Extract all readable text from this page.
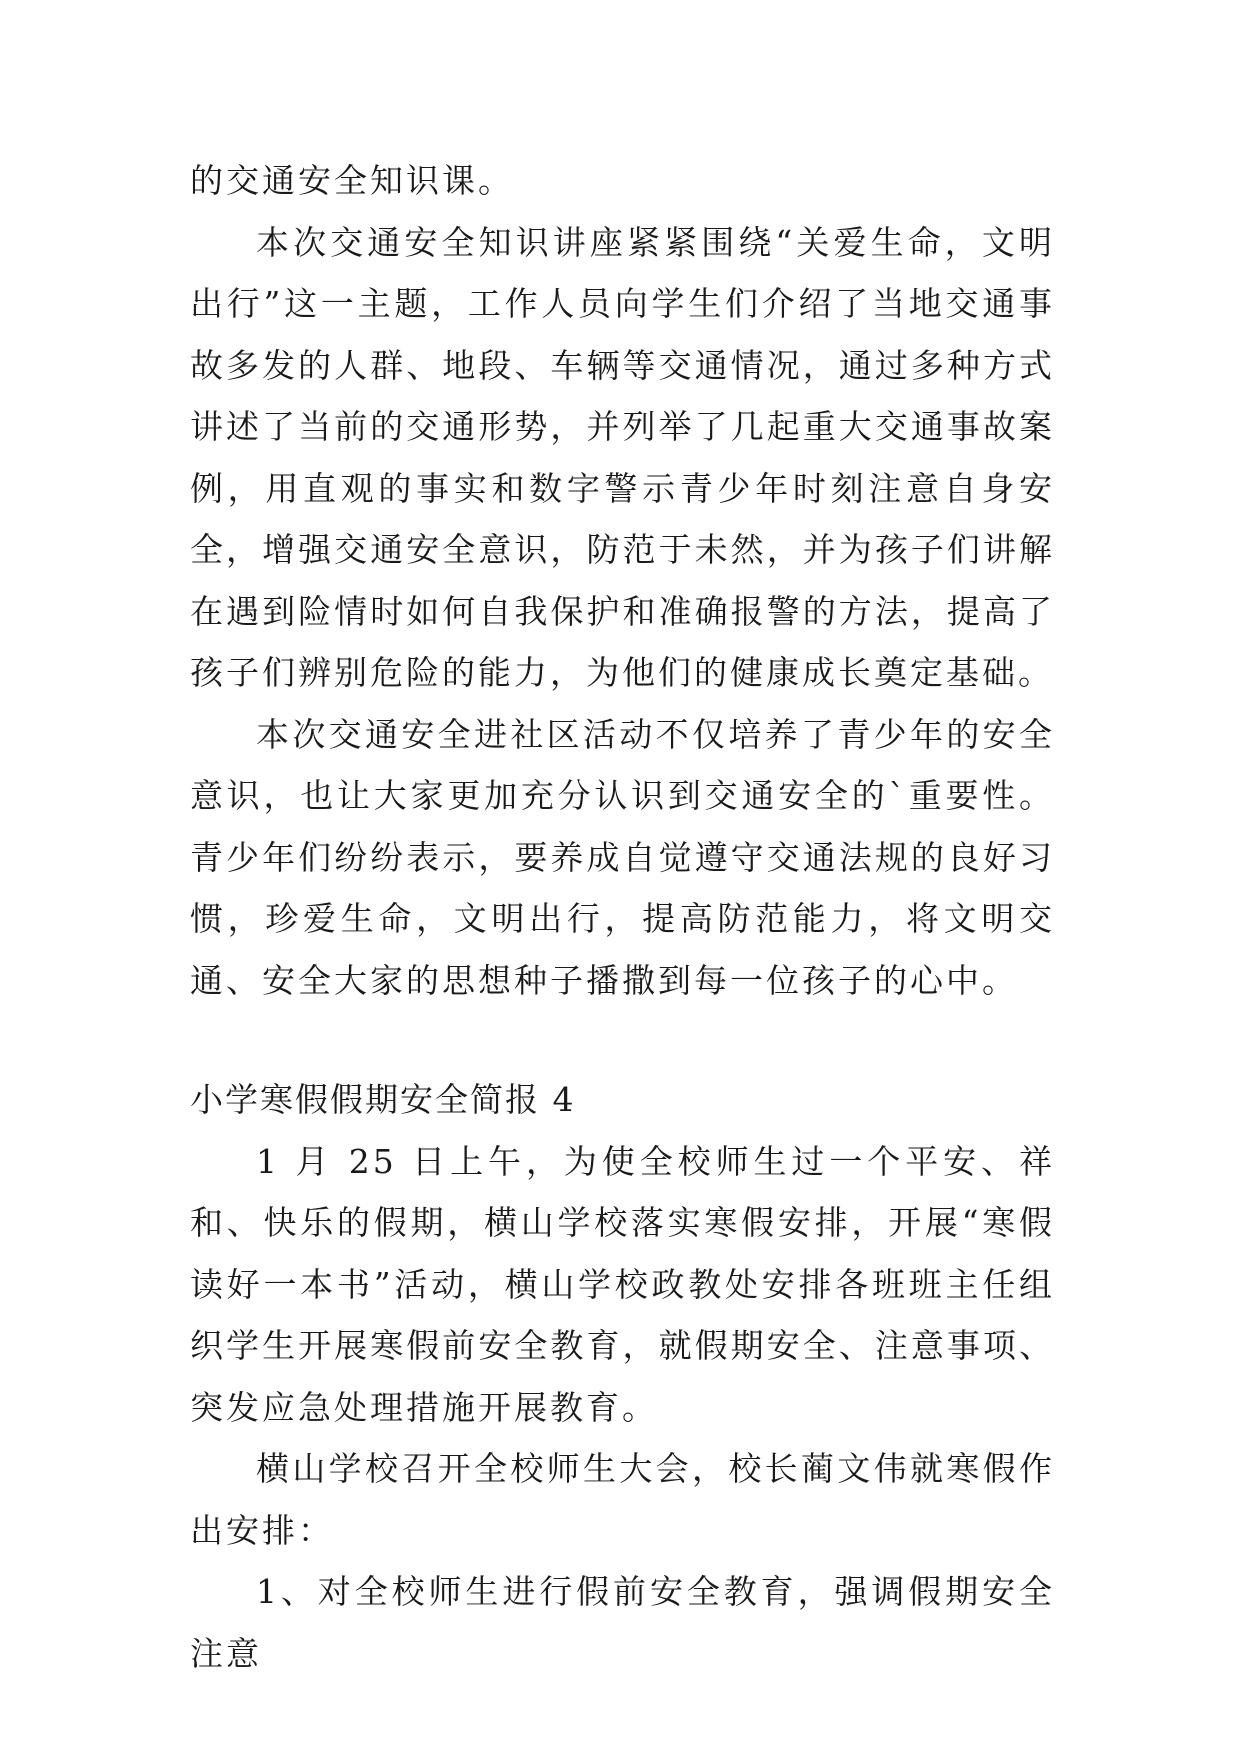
的交通安全知识课。

本次交通安全知识讲座紧紧围绕“关爱生命，文明出行”这一主题，工作人员向学生们介绍了当地交通事故多发的人群、地段、车辆等交通情况，通过多种方式讲述了当前的交通形势，并列举了几起重大交通事故案例，用直观的事实和数字警示青少年时刻注意自身安全，增强交通安全意识，防范于未然，并为孩子们讲解在遇到险情时如何自我保护和准确报警的方法，提高了孩子们辨别危险的能力，为他们的健康成长奠定基础。

本次交通安全进社区活动不仅培养了青少年的安全意识，也让大家更加充分认识到交通安全的`重要性。青少年们纷纷表示，要养成自觉遵守交通法规的良好习惯，珍爱生命，文明出行，提高防范能力，将文明交通、安全大家的思想种子播撒到每一位孩子的心中。

小学寒假假期安全简报 4

1 月 25 日上午，为使全校师生过一个平安、祥和、快乐的假期，横山学校落实寒假安排，开展“寒假读好一本书”活动，横山学校政教处安排各班班主任组织学生开展寒假前安全教育，就假期安全、注意事项、突发应急处理措施开展教育。

横山学校召开全校师生大会，校长蔺文伟就寒假作出安排：

1、对全校师生进行假前安全教育，强调假期安全注意
